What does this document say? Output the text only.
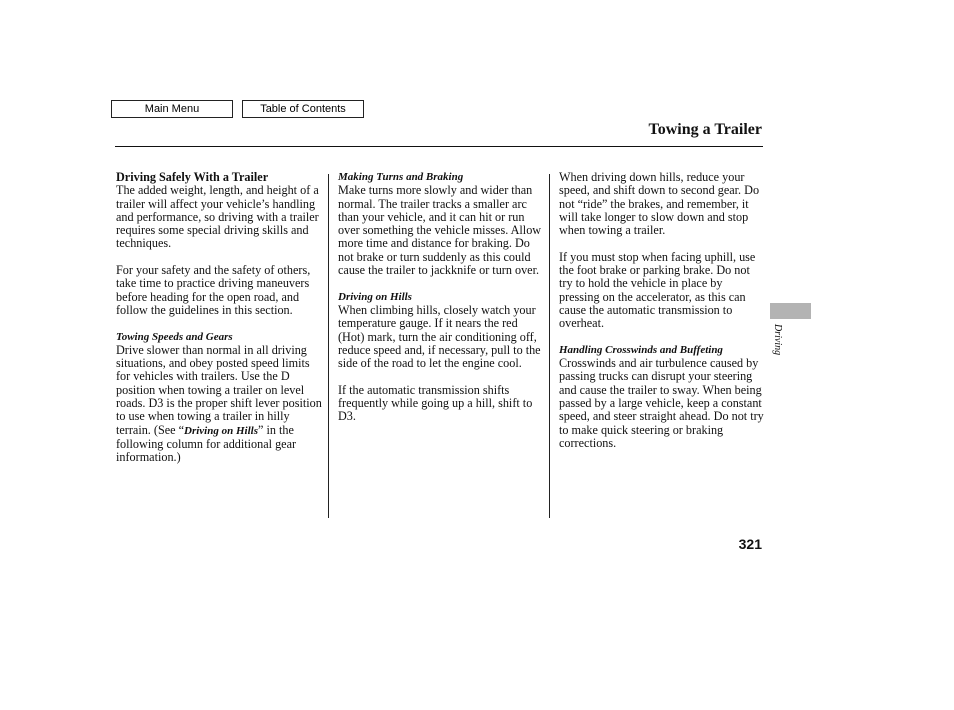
Main Menu	Table of Contents
Towing a Trailer
Driving Safely With a Trailer
The added weight, length, and height of a trailer will affect your vehicle’s handling and performance, so driving with a trailer requires some special driving skills and techniques.
For your safety and the safety of others, take time to practice driving maneuvers before heading for the open road, and follow the guidelines in this section.
Towing Speeds and Gears
Drive slower than normal in all driving situations, and obey posted speed limits for vehicles with trailers. Use the D position when towing a trailer on level roads. D3 is the proper shift lever position to use when towing a trailer in hilly terrain. (See “Driving on Hills” in the following column for additional gear information.)
Making Turns and Braking
Make turns more slowly and wider than normal. The trailer tracks a smaller arc than your vehicle, and it can hit or run over something the vehicle misses. Allow more time and distance for braking. Do not brake or turn suddenly as this could cause the trailer to jackknife or turn over.
Driving on Hills
When climbing hills, closely watch your temperature gauge. If it nears the red (Hot) mark, turn the air conditioning off, reduce speed and, if necessary, pull to the side of the road to let the engine cool.
If the automatic transmission shifts frequently while going up a hill, shift to D3.
When driving down hills, reduce your speed, and shift down to second gear. Do not “ride” the brakes, and remember, it will take longer to slow down and stop when towing a trailer.
If you must stop when facing uphill, use the foot brake or parking brake. Do not try to hold the vehicle in place by pressing on the accelerator, as this can cause the automatic transmission to overheat.
Handling Crosswinds and Buffeting
Crosswinds and air turbulence caused by passing trucks can disrupt your steering and cause the trailer to sway. When being passed by a large vehicle, keep a constant speed, and steer straight ahead. Do not try to make quick steering or braking corrections.
Driving
321
